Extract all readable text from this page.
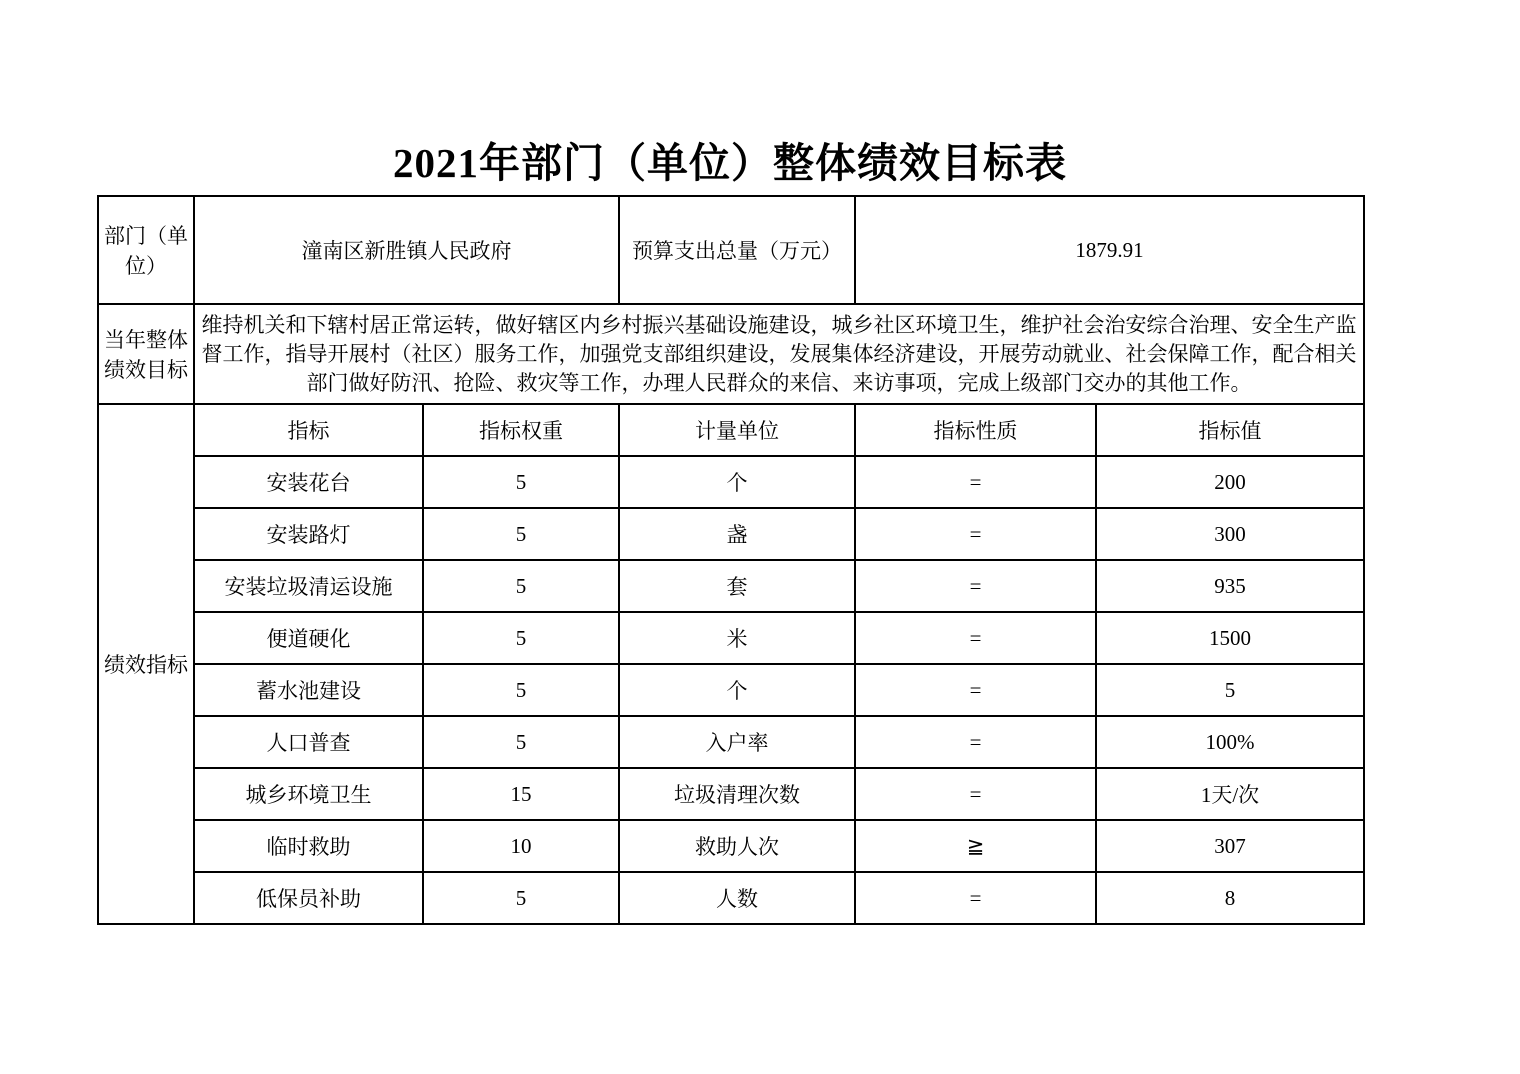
2021年部门（单位）整体绩效目标表
部门（单位）	潼南区新胜镇人民政府		预算支出总量（万元）	1879.91	
当年整体绩效目标	维持机关和下辖村居正常运转，做好辖区内乡村振兴基础设施建设，城乡社区环境卫生，维护社会治安综合治理、安全生产监督工作，指导开展村（社区）服务工作，加强党支部组织建设，发展集体经济建设，开展劳动就业、社会保障工作，配合相关部门做好防汛、抢险、救灾等工作，办理人民群众的来信、来访事项，完成上级部门交办的其他工作。				
绩效指标	指标	指标权重	计量单位	指标性质	指标值
	安装花台	5	个	=	200
	安装路灯	5	盏	=	300
	安装垃圾清运设施	5	套	=	935
	便道硬化	5	米	=	1500
	蓄水池建设	5	个	=	5
	人口普查	5	入户率	=	100%
	城乡环境卫生	15	垃圾清理次数	=	1天/次
	临时救助	10	救助人次	≧	307
	低保员补助	5	人数	=	8
